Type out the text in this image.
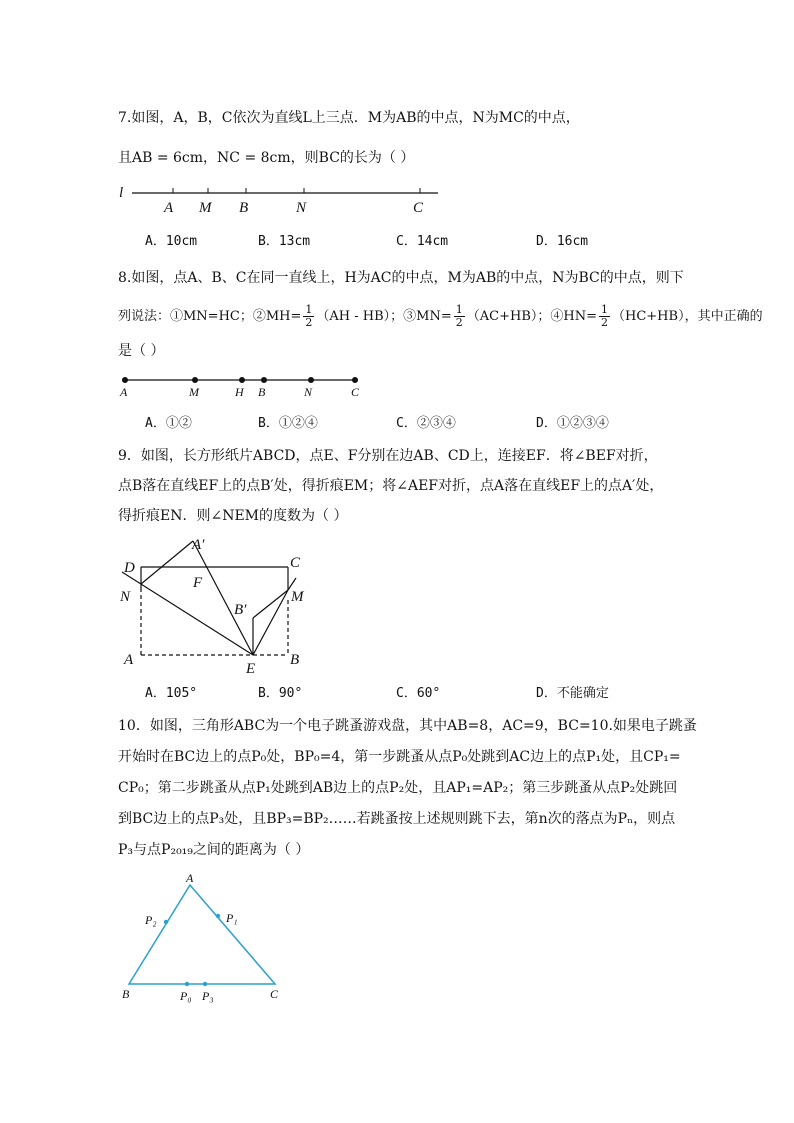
7.如图，A，B，C依次为直线L上三点．M为AB的中点，N为MC的中点，
且AB = 6cm，NC = 8cm，则BC的长为（ ）
l
A M B	N	C
A	M	H B	N	C
D
A′
C
F
N
B′
M
A
E
B
A
B	C
P₂	P₁
P₀ P₃
A．10cm	B．13cm	C．14cm	D．16cm
8.如图，点A、B、C在同一直线上，H为AC的中点，M为AB的中点，N为BC的中点，则下
列说法：①MN=HC；②MH= $\frac{1}{2} (AH - HB)$；③MN= $\frac{1}{2} (AC+HB)$；④HN= $\frac{1}{2} (HC+HB)$，其中正确的
是（ ）
A．①②	B．①②④	C．②③④	D．①②③④
9．如图，长方形纸片ABCD，点E、F分别在边AB、CD上，连接EF．将∠BEF对折，
点B落在直线EF上的点B′处，得折痕EM；将∠AEF对折，点A落在直线EF上的点A′处，
得折痕EN．则∠NEM的度数为（ ）
A．105°	B．90°	C．60°	D．不能确定
10．如图，三角形ABC为一个电子跳蚤游戏盘，其中AB=8，AC=9，BC=10.如果电子跳蚤
开始时在BC边上的点P₀处，BP₀=4，第一步跳蚤从点P₀处跳到AC边上的点P₁处，且CP₁=
CP₀；第二步跳蚤从点P₁处跳到AB边上的点P₂处，且AP₁=AP₂；第三步跳蚤从点P₂处跳回
到BC边上的点P₃处，且BP₃=BP₂……若跳蚤按上述规则跳下去，第n次的落点为Pₙ，则点
P₃与点P₂₀₁₉之间的距离为（ ）
